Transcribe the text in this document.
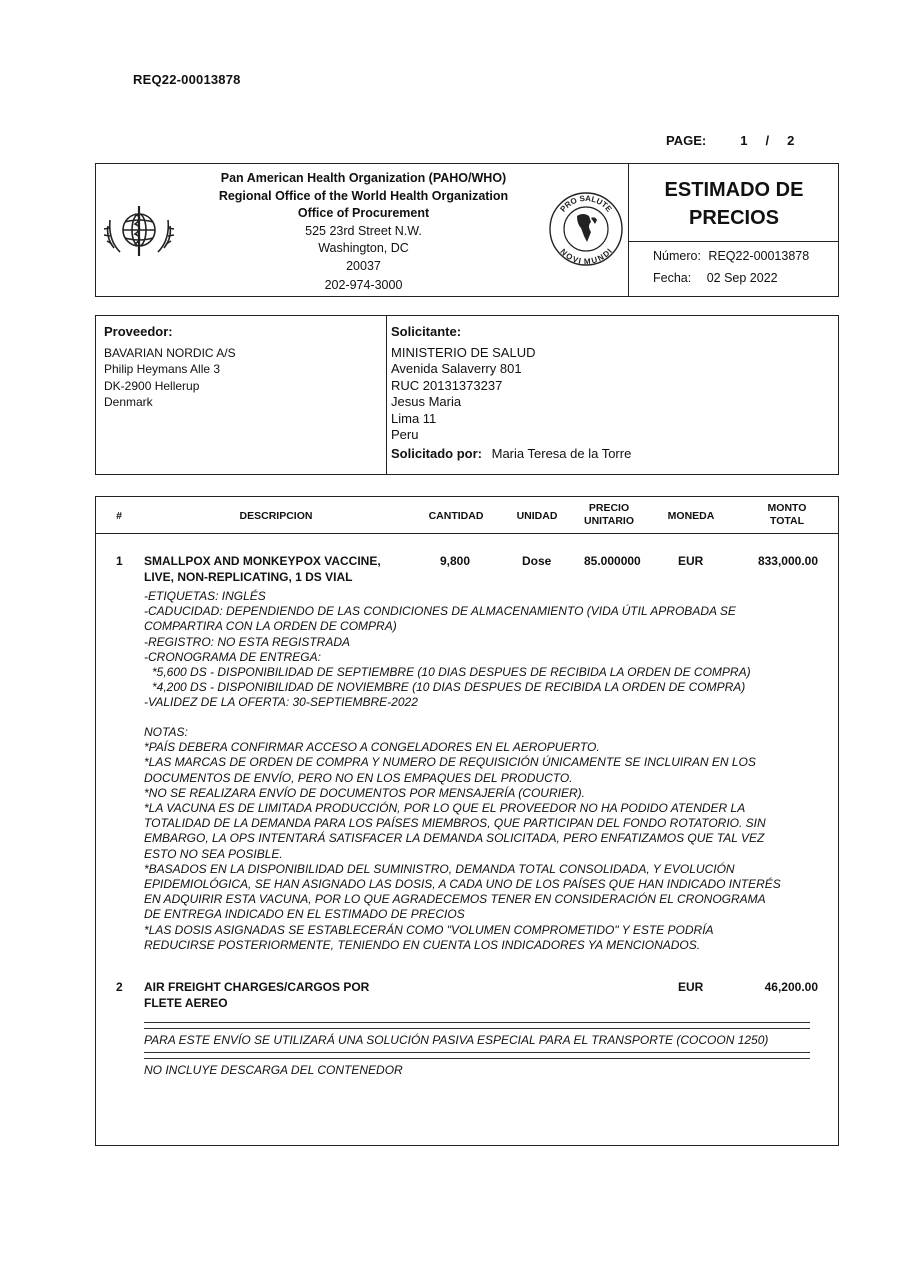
REQ22-00013878
PAGE:	1 / 2
Pan American Health Organization (PAHO/WHO)
Regional Office of the World Health Organization
Office of Procurement
525 23rd Street N.W.
Washington, DC
20037
202-974-3000
PRO SALUTE
NOVI MUNDI
ESTIMADO DE
PRECIOS
Número: REQ22-00013878
Fecha: 02 Sep 2022
Proveedor:
BAVARIAN NORDIC A/S
Philip Heymans Alle 3
DK-2900 Hellerup
Denmark
Solicitante:
MINISTERIO DE SALUD
Avenida Salaverry 801
RUC 20131373237
Jesus Maria
Lima 11
Peru
Solicitado por: Maria Teresa de la Torre
#	DESCRIPCION	CANTIDAD	UNIDAD
PRECIO
UNITARIO	MONEDA
MONTO
TOTAL
1 SMALLPOX AND MONKEYPOX VACCINE,
LIVE, NON-REPLICATING, 1 DS VIAL
9,800	Dose	85.000000	EUR	833,000.00
-ETIQUETAS: INGLÉS
-CADUCIDAD: DEPENDIENDO DE LAS CONDICIONES DE ALMACENAMIENTO (VIDA ÚTIL APROBADA SE
COMPARTIRA CON LA ORDEN DE COMPRA)
-REGISTRO: NO ESTA REGISTRADA
-CRONOGRAMA DE ENTREGA:
*5,600 DS - DISPONIBILIDAD DE SEPTIEMBRE (10 DIAS DESPUES DE RECIBIDA LA ORDEN DE COMPRA)
*4,200 DS - DISPONIBILIDAD DE NOVIEMBRE (10 DIAS DESPUES DE RECIBIDA LA ORDEN DE COMPRA)
-VALIDEZ DE LA OFERTA: 30-SEPTIEMBRE-2022
NOTAS:
*PAÍS DEBERA CONFIRMAR ACCESO A CONGELADORES EN EL AEROPUERTO.
*LAS MARCAS DE ORDEN DE COMPRA Y NUMERO DE REQUISICIÓN ÚNICAMENTE SE INCLUIRAN EN LOS
DOCUMENTOS DE ENVÍO, PERO NO EN LOS EMPAQUES DEL PRODUCTO.
*NO SE REALIZARA ENVÍO DE DOCUMENTOS POR MENSAJERÍA (COURIER).
*LA VACUNA ES DE LIMITADA PRODUCCIÓN, POR LO QUE EL PROVEEDOR NO HA PODIDO ATENDER LA
TOTALIDAD DE LA DEMANDA PARA LOS PAÍSES MIEMBROS, QUE PARTICIPAN DEL FONDO ROTATORIO. SIN
EMBARGO, LA OPS INTENTARÁ SATISFACER LA DEMANDA SOLICITADA, PERO ENFATIZAMOS QUE TAL VEZ
ESTO NO SEA POSIBLE.
*BASADOS EN LA DISPONIBILIDAD DEL SUMINISTRO, DEMANDA TOTAL CONSOLIDADA, Y EVOLUCIÓN
EPIDEMIOLÓGICA, SE HAN ASIGNADO LAS DOSIS, A CADA UNO DE LOS PAÍSES QUE HAN INDICADO INTERÉS
EN ADQUIRIR ESTA VACUNA, POR LO QUE AGRADECEMOS TENER EN CONSIDERACIÓN EL CRONOGRAMA
DE ENTREGA INDICADO EN EL ESTIMADO DE PRECIOS
*LAS DOSIS ASIGNADAS SE ESTABLECERÁN COMO "VOLUMEN COMPROMETIDO" Y ESTE PODRÍA
REDUCIRSE POSTERIORMENTE, TENIENDO EN CUENTA LOS INDICADORES YA MENCIONADOS.
2 AIR FREIGHT CHARGES/CARGOS POR
FLETE AEREO
EUR	46,200.00
PARA ESTE ENVÍO SE UTILIZARÁ UNA SOLUCIÓN PASIVA ESPECIAL PARA EL TRANSPORTE (COCOON 1250)
NO INCLUYE DESCARGA DEL CONTENEDOR
